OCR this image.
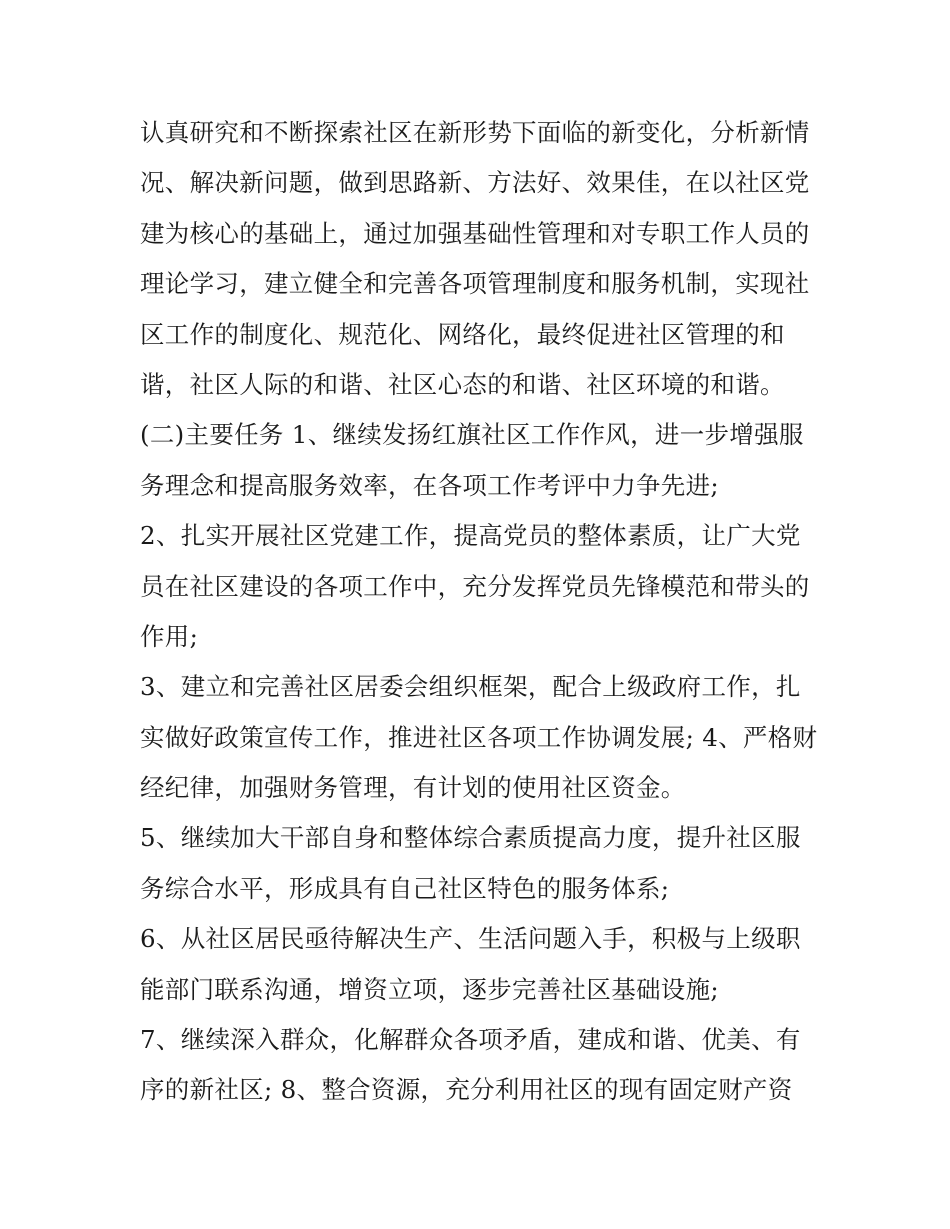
认真研究和不断探索社区在新形势下面临的新变化，分析新情
况、解决新问题，做到思路新、方法好、效果佳，在以社区党
建为核心的基础上，通过加强基础性管理和对专职工作人员的
理论学习，建立健全和完善各项管理制度和服务机制，实现社
区工作的制度化、规范化、网络化，最终促进社区管理的和
谐，社区人际的和谐、社区心态的和谐、社区环境的和谐。
(二)主要任务 1、继续发扬红旗社区工作作风，进一步增强服
务理念和提高服务效率，在各项工作考评中力争先进;
2、扎实开展社区党建工作，提高党员的整体素质，让广大党
员在社区建设的各项工作中，充分发挥党员先锋模范和带头的
作用;
3、建立和完善社区居委会组织框架，配合上级政府工作，扎
实做好政策宣传工作，推进社区各项工作协调发展; 4、严格财
经纪律，加强财务管理，有计划的使用社区资金。
5、继续加大干部自身和整体综合素质提高力度，提升社区服
务综合水平，形成具有自己社区特色的服务体系;
6、从社区居民亟待解决生产、生活问题入手，积极与上级职
能部门联系沟通，增资立项，逐步完善社区基础设施;
7、继续深入群众，化解群众各项矛盾，建成和谐、优美、有
序的新社区; 8、整合资源，充分利用社区的现有固定财产资
